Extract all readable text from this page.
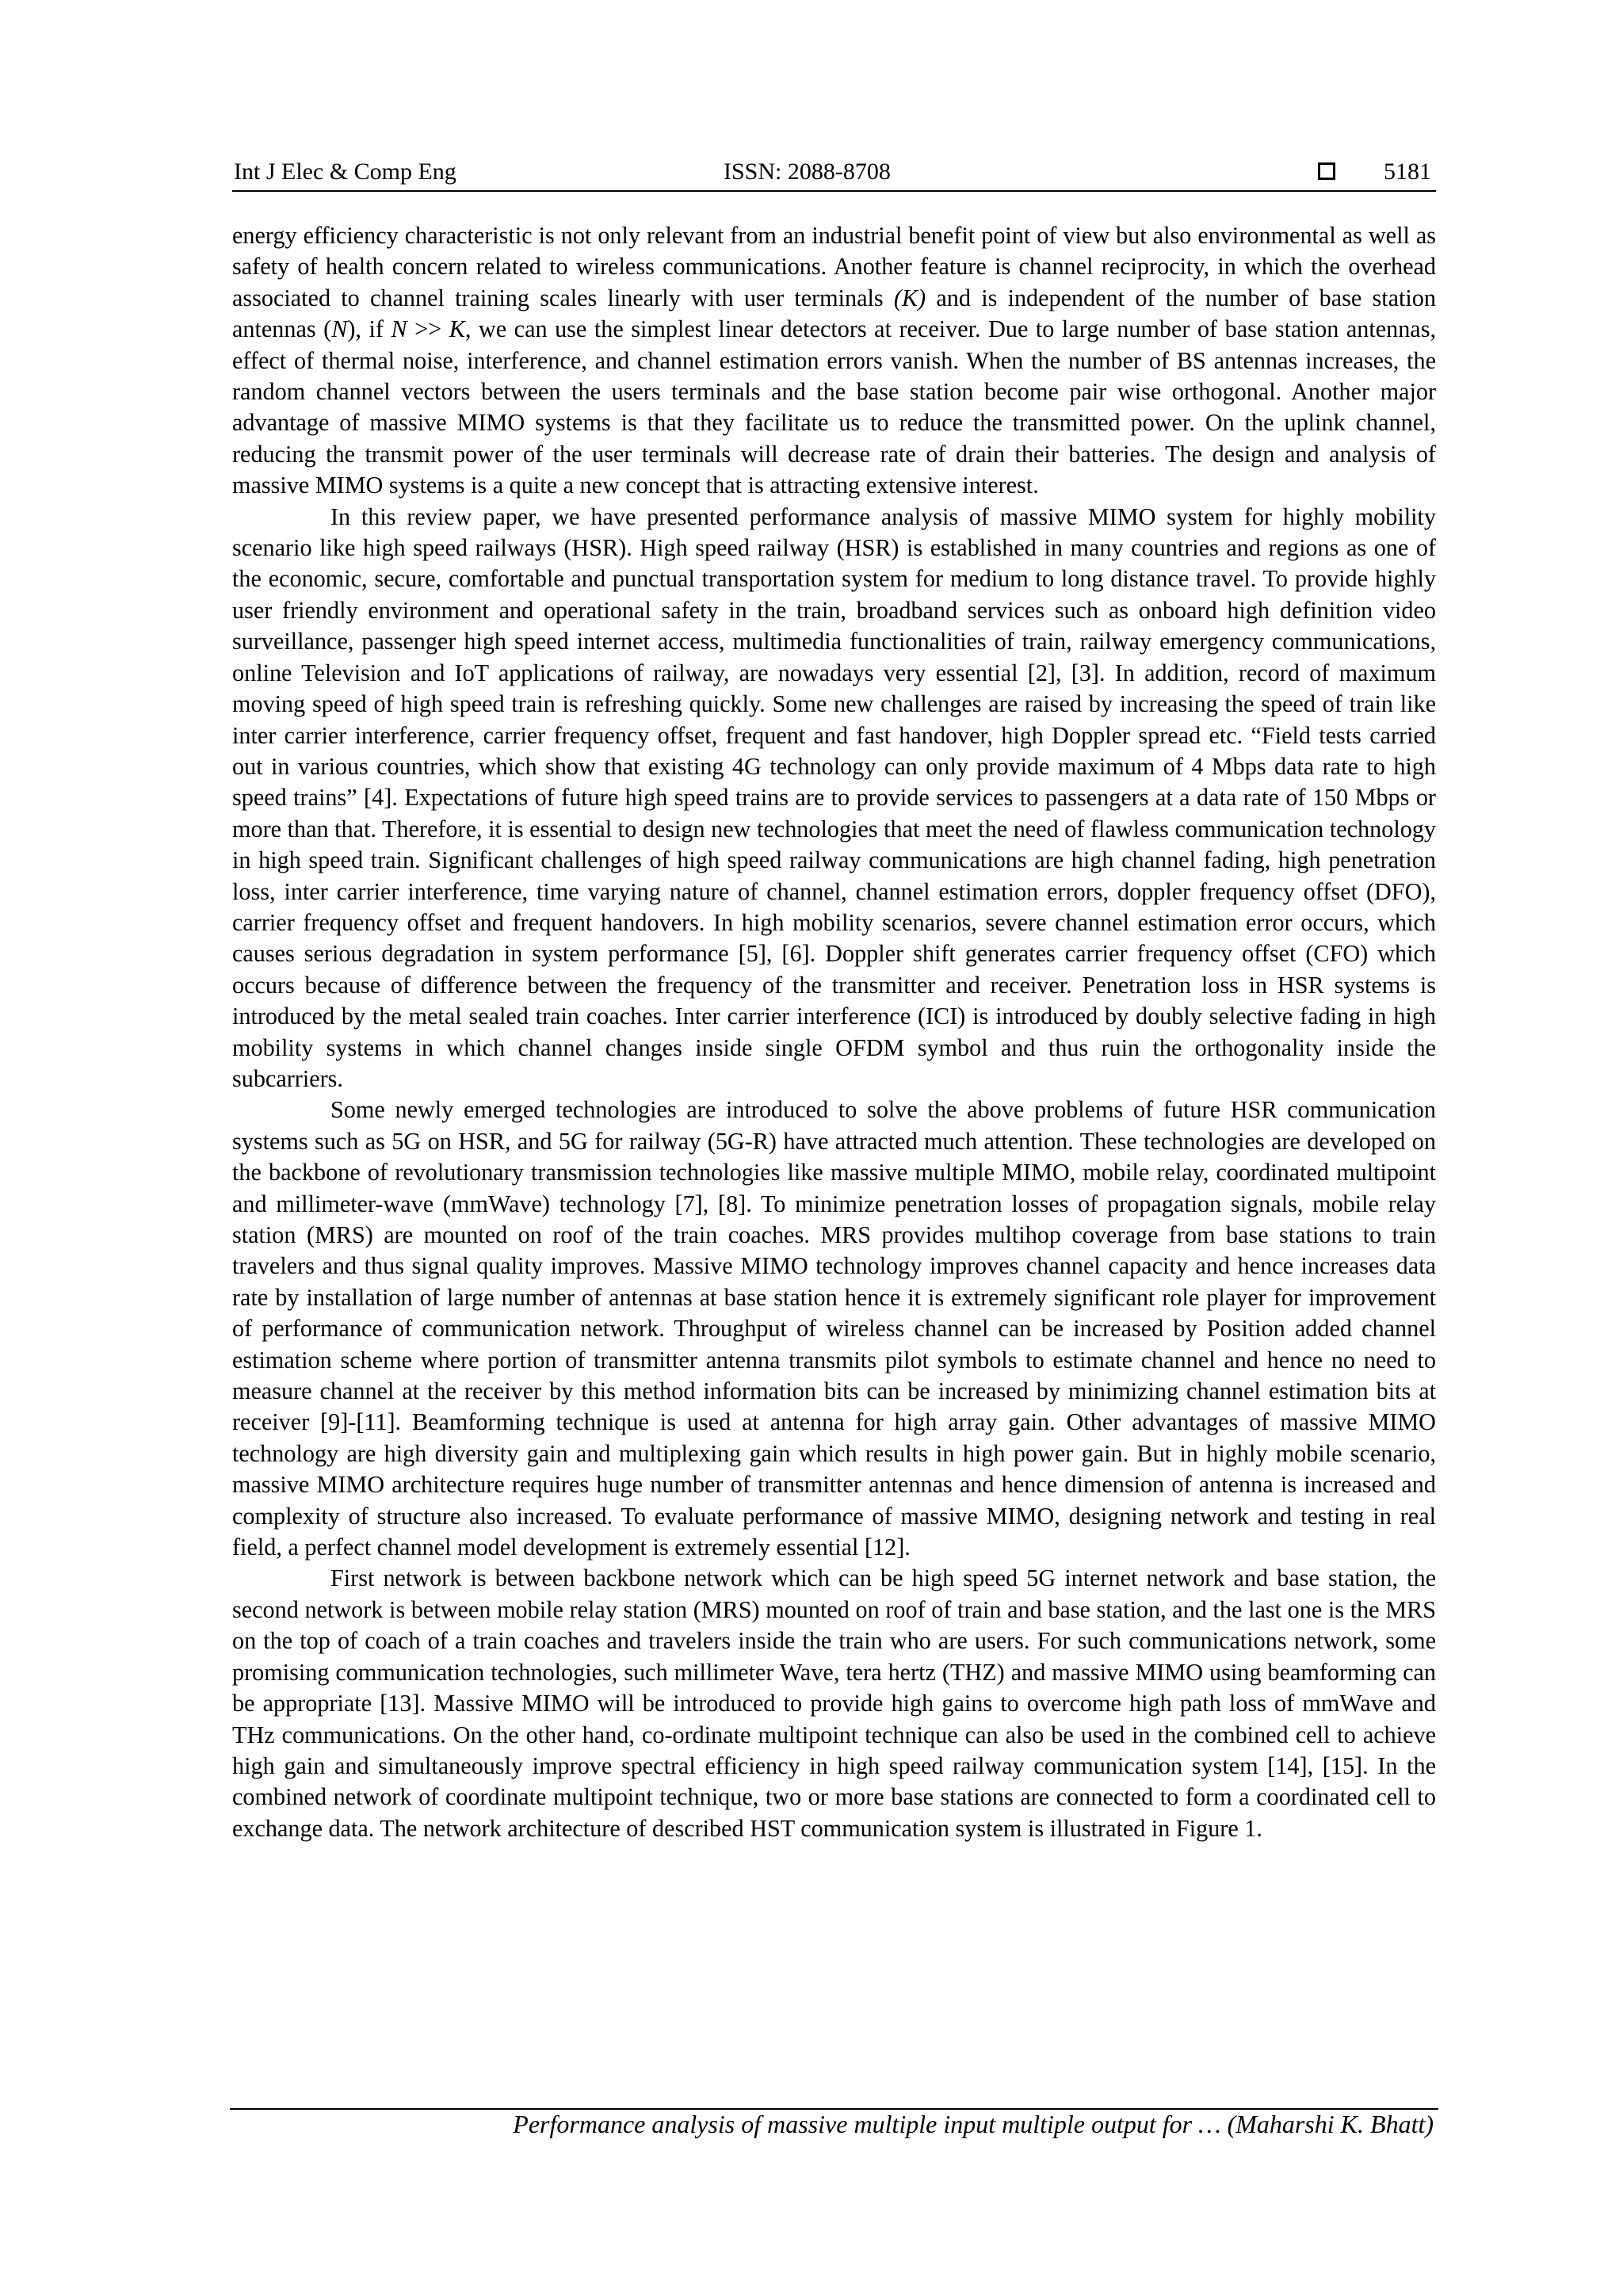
Int J Elec & Comp Eng	ISSN: 2088-8708	5181

energy efficiency characteristic is not only relevant from an industrial benefit point of view but also environmental as well as safety of health concern related to wireless communications. Another feature is channel reciprocity, in which the overhead associated to channel training scales linearly with user terminals (K) and is independent of the number of base station antennas (N), if N >> K, we can use the simplest linear detectors at receiver. Due to large number of base station antennas, effect of thermal noise, interference, and channel estimation errors vanish. When the number of BS antennas increases, the random channel vectors between the users terminals and the base station become pair wise orthogonal. Another major advantage of massive MIMO systems is that they facilitate us to reduce the transmitted power. On the uplink channel, reducing the transmit power of the user terminals will decrease rate of drain their batteries. The design and analysis of massive MIMO systems is a quite a new concept that is attracting extensive interest.

In this review paper, we have presented performance analysis of massive MIMO system for highly mobility scenario like high speed railways (HSR). High speed railway (HSR) is established in many countries and regions as one of the economic, secure, comfortable and punctual transportation system for medium to long distance travel. To provide highly user friendly environment and operational safety in the train, broadband services such as onboard high definition video surveillance, passenger high speed internet access, multimedia functionalities of train, railway emergency communications, online Television and IoT applications of railway, are nowadays very essential [2], [3]. In addition, record of maximum moving speed of high speed train is refreshing quickly. Some new challenges are raised by increasing the speed of train like inter carrier interference, carrier frequency offset, frequent and fast handover, high Doppler spread etc. “Field tests carried out in various countries, which show that existing 4G technology can only provide maximum of 4 Mbps data rate to high speed trains” [4]. Expectations of future high speed trains are to provide services to passengers at a data rate of 150 Mbps or more than that. Therefore, it is essential to design new technologies that meet the need of flawless communication technology in high speed train. Significant challenges of high speed railway communications are high channel fading, high penetration loss, inter carrier interference, time varying nature of channel, channel estimation errors, doppler frequency offset (DFO), carrier frequency offset and frequent handovers. In high mobility scenarios, severe channel estimation error occurs, which causes serious degradation in system performance [5], [6]. Doppler shift generates carrier frequency offset (CFO) which occurs because of difference between the frequency of the transmitter and receiver. Penetration loss in HSR systems is introduced by the metal sealed train coaches. Inter carrier interference (ICI) is introduced by doubly selective fading in high mobility systems in which channel changes inside single OFDM symbol and thus ruin the orthogonality inside the subcarriers.

Some newly emerged technologies are introduced to solve the above problems of future HSR communication systems such as 5G on HSR, and 5G for railway (5G-R) have attracted much attention. These technologies are developed on the backbone of revolutionary transmission technologies like massive multiple MIMO, mobile relay, coordinated multipoint and millimeter-wave (mmWave) technology [7], [8]. To minimize penetration losses of propagation signals, mobile relay station (MRS) are mounted on roof of the train coaches. MRS provides multihop coverage from base stations to train travelers and thus signal quality improves. Massive MIMO technology improves channel capacity and hence increases data rate by installation of large number of antennas at base station hence it is extremely significant role player for improvement of performance of communication network. Throughput of wireless channel can be increased by Position added channel estimation scheme where portion of transmitter antenna transmits pilot symbols to estimate channel and hence no need to measure channel at the receiver by this method information bits can be increased by minimizing channel estimation bits at receiver [9]-[11]. Beamforming technique is used at antenna for high array gain. Other advantages of massive MIMO technology are high diversity gain and multiplexing gain which results in high power gain. But in highly mobile scenario, massive MIMO architecture requires huge number of transmitter antennas and hence dimension of antenna is increased and complexity of structure also increased. To evaluate performance of massive MIMO, designing network and testing in real field, a perfect channel model development is extremely essential [12].

First network is between backbone network which can be high speed 5G internet network and base station, the second network is between mobile relay station (MRS) mounted on roof of train and base station, and the last one is the MRS on the top of coach of a train coaches and travelers inside the train who are users. For such communications network, some promising communication technologies, such millimeter Wave, tera hertz (THZ) and massive MIMO using beamforming can be appropriate [13]. Massive MIMO will be introduced to provide high gains to overcome high path loss of mmWave and THz communications. On the other hand, co-ordinate multipoint technique can also be used in the combined cell to achieve high gain and simultaneously improve spectral efficiency in high speed railway communication system [14], [15]. In the combined network of coordinate multipoint technique, two or more base stations are connected to form a coordinated cell to exchange data. The network architecture of described HST communication system is illustrated in Figure 1.

Performance analysis of massive multiple input multiple output for … (Maharshi K. Bhatt)
